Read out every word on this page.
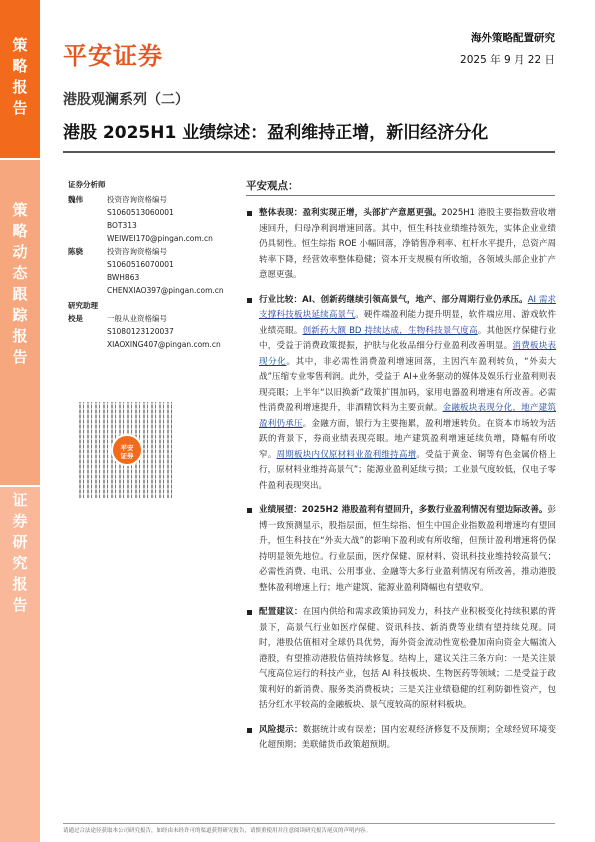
策
略
报
告
策
略
动
态
跟
踪
报
告
证
券
研
究
报
告
平安证券
海外策略配置研究
2025 年 9 月 22 日
港股观澜系列（二）
港股 2025H1 业绩综述：盈利维持正增，新旧经济分化
证券分析师
魏伟	投资咨询资格编号
S1060513060001
BOT313
WEIWEI170@pingan.com.cn
陈骁	投资咨询资格编号
S1060516070001
BWH863
CHENXIAO397@pingan.com.cn
研究助理
校是	一般从业资格编号
S1080123120037
XIAOXING407@pingan.com.cn
平安
证券
平安观点：
整体表现：盈利实现正增，头部扩产意愿更强。2025H1 港股主要指数营收增速回升，归母净利润增速回落。其中，恒生科技业绩维持领先，实体企业业绩仍具韧性。恒生综指 ROE 小幅回落，净销售净利率、杠杆水平提升，总资产周转率下降，经营效率整体稳健；资本开支规模有所收缩，各领域头部企业扩产意愿更强。
行业比较：AI、创新药继续引领高景气，地产、部分周期行业仍承压。AI 需求支撑科技板块延续高景气。硬件端盈利能力提升明显，软件端应用、游戏软件业绩亮眼。创新药大额 BD 持续达成，生物科技景气度高。其他医疗保健行业中，受益于消费政策提振，护肤与化妆品细分行业盈利改善明显。消费板块表现分化。其中，非必需性消费盈利增速回落，主因汽车盈利转负，“外卖大战”压缩专业零售利润。此外，受益于 AI+业务驱动的媒体及娱乐行业盈利则表现亮眼；上半年“以旧换新”政策扩围加码，家用电器盈利增速有所改善。必需性消费盈利增速提升，非酒精饮料为主要贡献。金融板块表现分化，地产建筑盈利仍承压。金融方面，银行为主要拖累，盈利增速转负。在资本市场较为活跃的背景下，券商业绩表现亮眼。地产建筑盈利增速延续负增，降幅有所收窄。周期板块内仅原材料业盈利维持高增。受益于黄金、铜等有色金属价格上行，原材料业维持高景气”；能源业盈利延续亏损；工业景气度较低，仅电子零件盈利表现突出。
业绩展望：2025H2 港股盈利有望回升，多数行业盈利情况有望边际改善。彭博一致预测显示，股指层面，恒生综指、恒生中国企业指数盈利增速均有望回升，恒生科技在“外卖大战”的影响下盈利或有所收缩，但预计盈利增速将仍保持明显领先地位。行业层面，医疗保健、原材料、资讯科技业维持较高景气；必需性消费、电讯、公用事业、金融等大多行业盈利情况有所改善，推动港股整体盈利增速上行；地产建筑、能源业盈利降幅也有望收窄。
配置建议：在国内供给和需求政策协同发力，科技产业积极变化持续积累的背景下，高景气行业如医疗保健、资讯科技、新消费等业绩有望持续兑现。同时，港股估值相对全球仍具优势，海外资金流动性宽松叠加南向资金大幅流入港股，有望推动港股估值持续修复。结构上，建议关注三条方向：一是关注景气度高位运行的科技产业，包括 AI 科技板块、生物医药等领域；二是受益于政策利好的新消费、服务类消费板块；三是关注业绩稳健的红利防御性资产，包括分红水平较高的金融板块、景气度较高的原材料板块。
风险提示：数据统计或有误差；国内宏观经济修复不及预期；全球经贸环境变化超预期；美联储货币政策超预期。
请通过合法途径获取本公司研究报告，如经由未经许可的渠道获得研究报告，请慎重使用并注意阅读研究报告尾页的声明内容。
